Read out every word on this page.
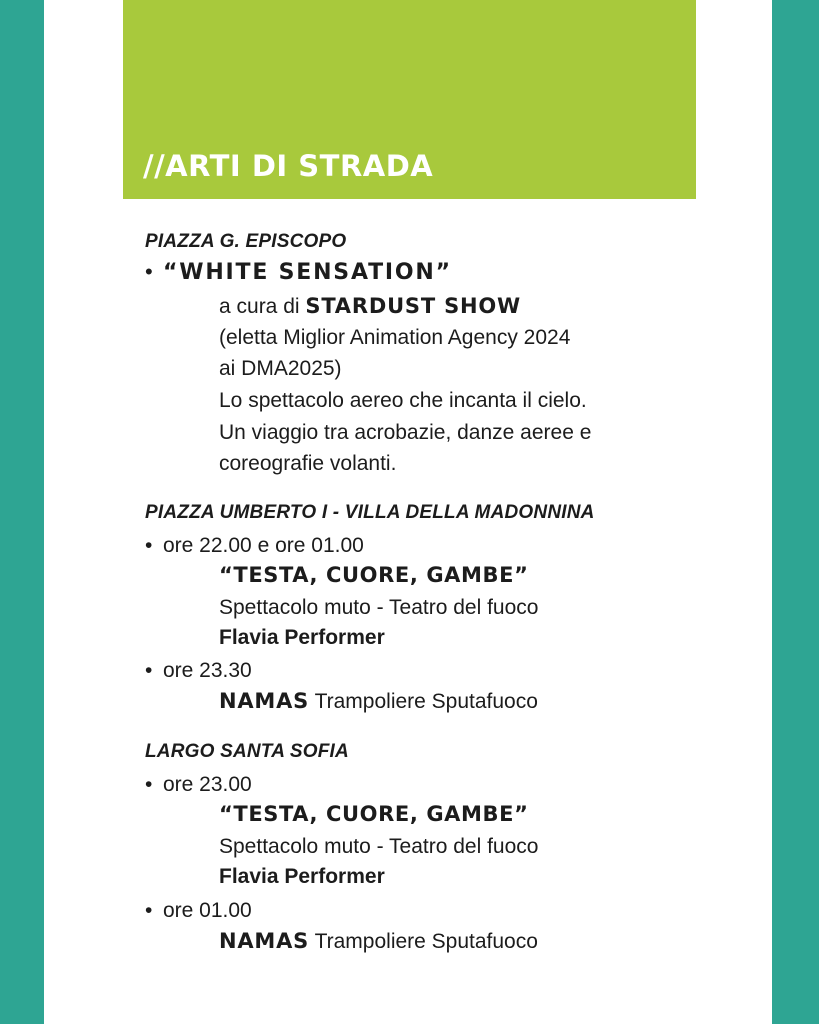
//ARTI DI STRADA

PIAZZA G. EPISCOPO

• “WHITE SENSATION”

a cura di STARDUST SHOW

(eletta Miglior Animation Agency 2024

ai DMA2025)

Lo spettacolo aereo che incanta il cielo.

Un viaggio tra acrobazie, danze aeree e

coreografie volanti.

PIAZZA UMBERTO I - VILLA DELLA MADONNINA

• ore 22.00 e ore 01.00

“TESTA, CUORE, GAMBE”

Spettacolo muto - Teatro del fuoco

Flavia Performer

• ore 23.30

NAMAS Trampoliere Sputafuoco

LARGO SANTA SOFIA

• ore 23.00

“TESTA, CUORE, GAMBE”

Spettacolo muto - Teatro del fuoco

Flavia Performer

• ore 01.00

NAMAS Trampoliere Sputafuoco
